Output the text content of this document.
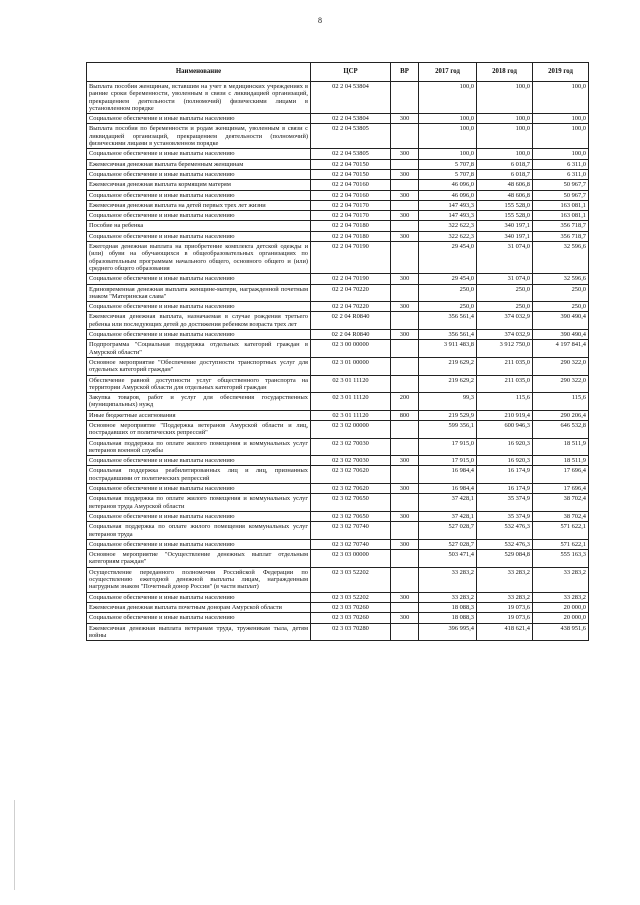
8
Наименование	ЦСР	ВР	2017 год	2018 год	2019 год
Выплата пособия женщинам, вставшим на учет в медицинских учреждениях в ранние сроки беременности, уволенным в связи с ликвидацией организаций, прекращением деятельности (полномочий) физическими лицами в установленном порядке	02 2 04 53804		100,0	100,0	100,0
Социальное обеспечение и иные выплаты населению	02 2 04 53804	300	100,0	100,0	100,0
Выплата пособия по беременности и родам женщинам, уволенным в связи с ликвидацией организаций, прекращением деятельности (полномочий) физическими лицами в установленном порядке	02 2 04 53805		100,0	100,0	100,0
Социальное обеспечение и иные выплаты населению	02 2 04 53805	300	100,0	100,0	100,0
Ежемесячная денежная выплата беременным женщинам	02 2 04 70150		5 707,8	6 018,7	6 311,0
Социальное обеспечение и иные выплаты населению	02 2 04 70150	300	5 707,8	6 018,7	6 311,0
Ежемесячная денежная выплата кормящим матерям	02 2 04 70160		46 096,0	48 606,8	50 967,7
Социальное обеспечение и иные выплаты населению	02 2 04 70160	300	46 096,0	48 606,8	50 967,7
Ежемесячная денежная выплата на детей первых трех лет жизни	02 2 04 70170		147 493,3	155 528,0	163 081,1
Социальное обеспечение и иные выплаты населению	02 2 04 70170	300	147 493,3	155 528,0	163 081,1
Пособие на ребенка	02 2 04 70180		322 622,3	340 197,1	356 718,7
Социальное обеспечение и иные выплаты населению	02 2 04 70180	300	322 622,3	340 197,1	356 718,7
Ежегодная денежная выплата на приобретение комплекта детской одежды и (или) обуви на обучающихся в общеобразовательных организациях по образовательным программам начального общего, основного общего и (или) среднего общего образования	02 2 04 70190		29 454,0	31 074,0	32 596,6
Социальное обеспечение и иные выплаты населению	02 2 04 70190	300	29 454,0	31 074,0	32 596,6
Единовременная денежная выплата женщине-матери, награжденной почетным знаком "Материнская слава"	02 2 04 70220		250,0	250,0	250,0
Социальное обеспечение и иные выплаты населению	02 2 04 70220	300	250,0	250,0	250,0
Ежемесячная денежная выплата, назначаемая в случае рождения третьего ребенка или последующих детей до достижения ребенком возраста трех лет	02 2 04 R0840		356 561,4	374 032,9	390 490,4
Социальное обеспечение и иные выплаты населению	02 2 04 R0840	300	356 561,4	374 032,9	390 490,4
Подпрограмма "Социальная поддержка отдельных категорий граждан в Амурской области"	02 3 00 00000		3 911 483,8	3 912 750,0	4 197 841,4
Основное мероприятие "Обеспечение доступности транспортных услуг для отдельных категорий граждан"	02 3 01 00000		219 629,2	211 035,0	290 322,0
Обеспечение равной доступности услуг общественного транспорта на территории Амурской области для отдельных категорий граждан	02 3 01 11120		219 629,2	211 035,0	290 322,0
Закупка товаров, работ и услуг для обеспечения государственных (муниципальных) нужд	02 3 01 11120	200	99,3	115,6	115,6
Иные бюджетные ассигнования	02 3 01 11120	800	219 529,9	210 919,4	290 206,4
Основное мероприятие "Поддержка ветеранов Амурской области и лиц, пострадавших от политических репрессий"	02 3 02 00000		599 356,1	600 946,3	646 532,8
Социальная поддержка по оплате жилого помещения и коммунальных услуг ветеранов военной службы	02 3 02 70030		17 915,0	16 920,3	18 511,9
Социальное обеспечение и иные выплаты населению	02 3 02 70030	300	17 915,0	16 920,3	18 511,9
Социальная поддержка реабилитированных лиц и лиц, признанных пострадавшими от политических репрессий	02 3 02 70620		16 984,4	16 174,9	17 696,4
Социальное обеспечение и иные выплаты населению	02 3 02 70620	300	16 984,4	16 174,9	17 696,4
Социальная поддержка по оплате жилого помещения и коммунальных услуг ветеранов труда Амурской области	02 3 02 70650		37 428,1	35 374,9	38 702,4
Социальное обеспечение и иные выплаты населению	02 3 02 70650	300	37 428,1	35 374,9	38 702,4
Социальная поддержка по оплате жилого помещения коммунальных услуг ветеранов труда	02 3 02 70740		527 028,7	532 476,3	571 622,1
Социальное обеспечение и иные выплаты населению	02 3 02 70740	300	527 028,7	532 476,3	571 622,1
Основное мероприятие "Осуществление денежных выплат отдельным категориям граждан"	02 3 03 00000		503 471,4	529 084,8	555 163,3
Осуществление переданного полномочия Российской Федерации по осуществлению ежегодной денежной выплаты лицам, награжденным нагрудным знаком "Почетный донор России" (в части выплат)	02 3 03 52202		33 283,2	33 283,2	33 283,2
Социальное обеспечение и иные выплаты населению	02 3 03 52202	300	33 283,2	33 283,2	33 283,2
Ежемесячная денежная выплата почетным донорам Амурской области	02 3 03 70260		18 088,3	19 073,6	20 000,0
Социальное обеспечение и иные выплаты населению	02 3 03 70260	300	18 088,3	19 073,6	20 000,0
Ежемесячная денежная выплата ветеранам труда, труженикам тыла, детям войны	02 3 03 70280		396 995,4	418 621,4	438 951,6
